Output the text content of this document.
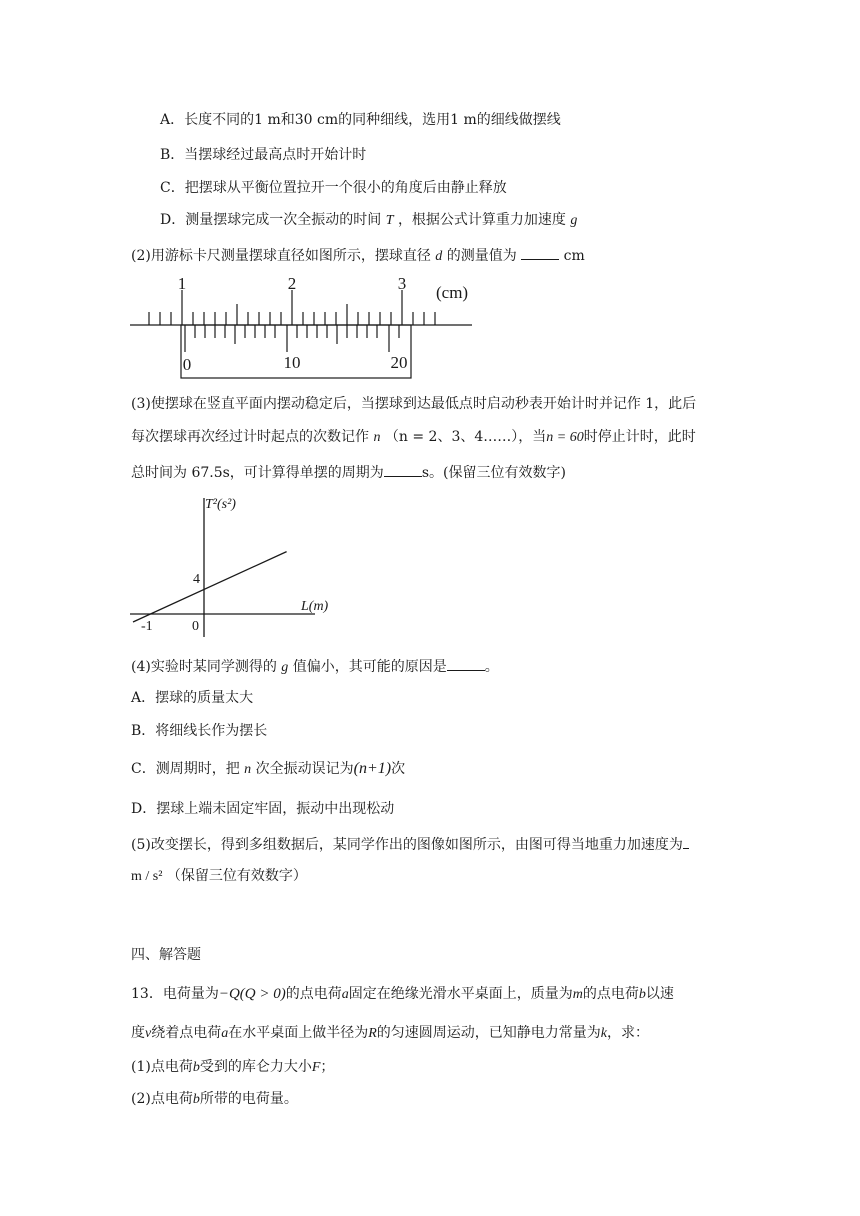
A．长度不同的1 m和30 cm的同种细线，选用1 m的细线做摆线
B．当摆球经过最高点时开始计时
C．把摆球从平衡位置拉开一个很小的角度后由静止释放
D．测量摆球完成一次全振动的时间 T ，根据公式计算重力加速度 g
(2)用游标卡尺测量摆球直径如图所示，摆球直径 d 的测量值为	cm
1	2	3 (cm)
0	10	20
(3)使摆球在竖直平面内摆动稳定后，当摆球到达最低点时启动秒表开始计时并记作 1，此后
每次摆球再次经过计时起点的次数记作 n （n = 2、3、4……），当n = 60时停止计时，此时
总时间为 67.5s，可计算得单摆的周期为	s。(保留三位有效数字)
T²(s²)
L(m)
4
0
-1
(4)实验时某同学测得的 g 值偏小，其可能的原因是	。
A．摆球的质量太大
B．将细线长作为摆长
C．测周期时，把 n 次全振动误记为(n+1)次
D．摆球上端未固定牢固，振动中出现松动
(5)改变摆长，得到多组数据后，某同学作出的图像如图所示，由图可得当地重力加速度为
m / s² （保留三位有效数字）
四、解答题
13．电荷量为−Q(Q > 0)的点电荷a固定在绝缘光滑水平桌面上，质量为m的点电荷b以速
度v绕着点电荷a在水平桌面上做半径为R的匀速圆周运动，已知静电力常量为k，求：
(1)点电荷b受到的库仑力大小F；
(2)点电荷b所带的电荷量。
